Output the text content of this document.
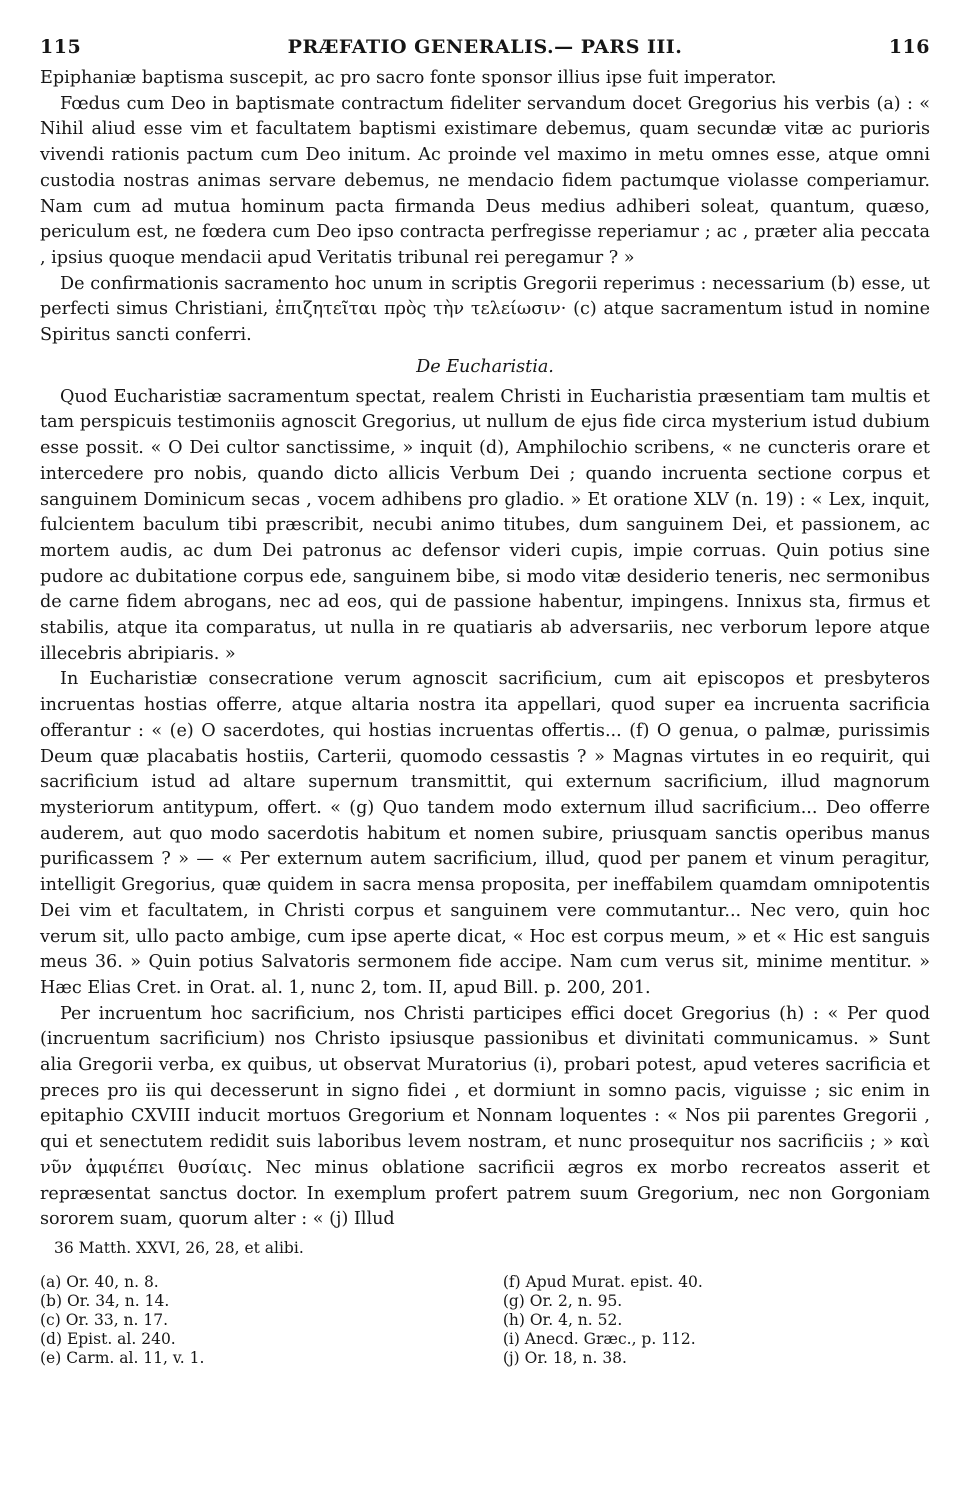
115	PRÆFATIO GENERALIS.— PARS III.	116

Epiphaniæ baptisma suscepit, ac pro sacro fonte sponsor illius ipse fuit imperator.

Fœdus cum Deo in baptismate contractum fideliter servandum docet Gregorius his verbis (a) : « Nihil aliud esse vim et facultatem baptismi existimare debemus, quam secundæ vitæ ac purioris vivendi rationis pactum cum Deo initum. Ac proinde vel maximo in metu omnes esse, atque omni custodia nostras animas servare debemus, ne mendacio fidem pactumque violasse comperiamur. Nam cum ad mutua hominum pacta firmanda Deus medius adhiberi soleat, quantum, quæso, periculum est, ne fœdera cum Deo ipso contracta perfregisse reperiamur ; ac , præter alia peccata , ipsius quoque mendacii apud Veritatis tribunal rei peregamur ? »

De confirmationis sacramento hoc unum in scriptis Gregorii reperimus : necessarium (b) esse, ut perfecti simus Christiani, ἐπιζητεῖται πρὸς τὴν τελείωσιν· (c) atque sacramentum istud in nomine Spiritus sancti conferri.

De Eucharistia.

Quod Eucharistiæ sacramentum spectat, realem Christi in Eucharistia præsentiam tam multis et tam perspicuis testimoniis agnoscit Gregorius, ut nullum de ejus fide circa mysterium istud dubium esse possit. « O Dei cultor sanctissime, » inquit (d), Amphilochio scribens, « ne cuncteris orare et intercedere pro nobis, quando dicto allicis Verbum Dei ; quando incruenta sectione corpus et sanguinem Dominicum secas , vocem adhibens pro gladio. » Et oratione XLV (n. 19) : « Lex, inquit, fulcientem baculum tibi præscribit, necubi animo titubes, dum sanguinem Dei, et passionem, ac mortem audis, ac dum Dei patronus ac defensor videri cupis, impie corruas. Quin potius sine pudore ac dubitatione corpus ede, sanguinem bibe, si modo vitæ desiderio teneris, nec sermonibus de carne fidem abrogans, nec ad eos, qui de passione habentur, impingens. Innixus sta, firmus et stabilis, atque ita comparatus, ut nulla in re quatiaris ab adversariis, nec verborum lepore atque illecebris abripiaris. »

In Eucharistiæ consecratione verum agnoscit sacrificium, cum ait episcopos et presbyteros incruentas hostias offerre, atque altaria nostra ita appellari, quod super ea incruenta sacrificia offerantur : « (e) O sacerdotes, qui hostias incruentas offertis... (f) O genua, o palmæ, purissimis Deum quæ placabatis hostiis, Carterii, quomodo cessastis ? » Magnas virtutes in eo requirit, qui sacrificium istud ad altare supernum transmittit, qui externum sacrificium, illud magnorum mysteriorum antitypum, offert. « (g) Quo tandem modo externum illud sacrificium... Deo offerre auderem, aut quo modo sacerdotis habitum et nomen subire, priusquam sanctis operibus manus purificassem ? » — « Per externum autem sacrificium, illud, quod per panem et vinum peragitur, intelligit Gregorius, quæ quidem in sacra mensa proposita, per ineffabilem quamdam omnipotentis Dei vim et facultatem, in Christi corpus et sanguinem vere commutantur... Nec vero, quin hoc verum sit, ullo pacto ambige, cum ipse aperte dicat, « Hoc est corpus meum, » et « Hic est sanguis meus 36. » Quin potius Salvatoris sermonem fide accipe. Nam cum verus sit, minime mentitur. » Hæc Elias Cret. in Orat. al. 1, nunc 2, tom. II, apud Bill. p. 200, 201.

Per incruentum hoc sacrificium, nos Christi participes effici docet Gregorius (h) : « Per quod (incruentum sacrificium) nos Christo ipsiusque passionibus et divinitati communicamus. » Sunt alia Gregorii verba, ex quibus, ut observat Muratorius (i), probari potest, apud veteres sacrificia et preces pro iis qui decesserunt in signo fidei , et dormiunt in somno pacis, viguisse ; sic enim in epitaphio CXVIII inducit mortuos Gregorium et Nonnam loquentes : « Nos pii parentes Gregorii , qui et senectutem redidit suis laboribus levem nostram, et nunc prosequitur nos sacrificiis ; » καὶ νῦν ἀμφιέπει θυσίαις. Nec minus oblatione sacrificii ægros ex morbo recreatos asserit et repræsentat sanctus doctor. In exemplum profert patrem suum Gregorium, nec non Gorgoniam sororem suam, quorum alter : « (j) Illud

36 Matth. XXVI, 26, 28, et alibi.
(a) Or. 40, n. 8.
(b) Or. 34, n. 14.
(c) Or. 33, n. 17.
(d) Epist. al. 240.
(e) Carm. al. 11, v. 1.
(f) Apud Murat. epist. 40.
(g) Or. 2, n. 95.
(h) Or. 4, n. 52.
(i) Anecd. Græc., p. 112.
(j) Or. 18, n. 38.
